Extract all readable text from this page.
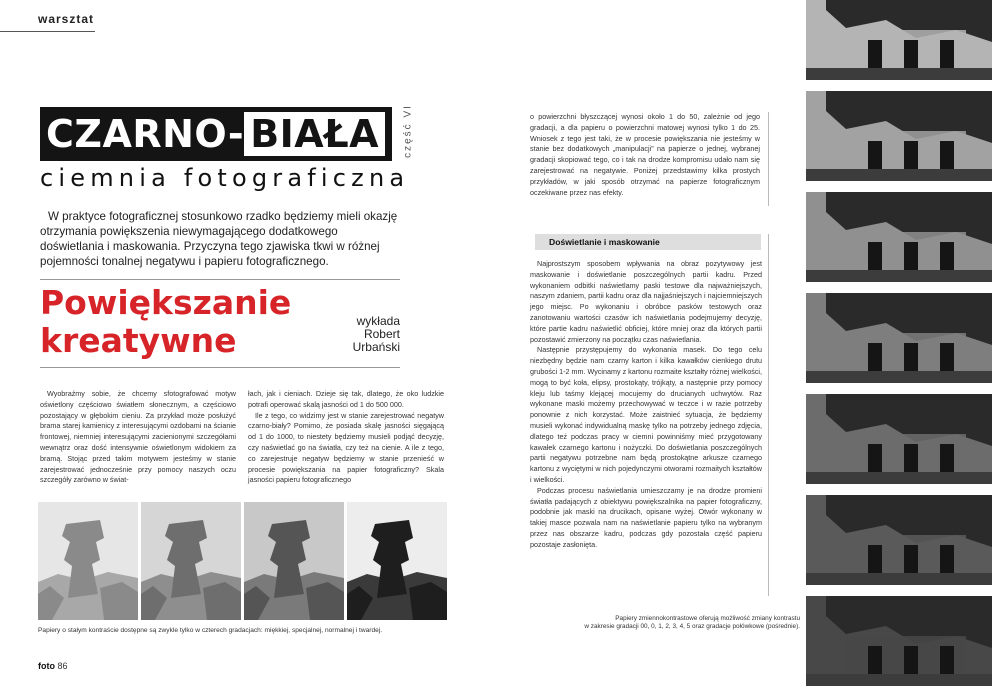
warsztat
CZARNO- BIAŁA	część VI
ciemnia fotograficzna
W praktyce fotograficznej stosunkowo rzadko będziemy mieli okazję otrzymania powiększenia niewymagającego dodatkowego doświetlania i maskowania. Przyczyna tego zjawiska tkwi w różnej pojemności tonalnej negatywu i papieru fotograficznego.
Powiększanie kreatywne	wykłada
Robert
Urbański

Wyobraźmy sobie, że chcemy sfotografować motyw oświetlony częściowo światłem słonecznym, a częściowo pozostający w głębokim cieniu. Za przykład może posłużyć brama starej kamienicy z interesującymi ozdobami na ścianie frontowej, niemniej interesującymi zacienionymi szczegółami wewnątrz oraz dość intensywnie oświetlonym widokiem za bramą. Stojąc przed takim motywem jesteśmy w stanie zarejestrować jednocześnie przy pomocy naszych oczu szczegóły zarówno w świat-

łach, jak i cieniach. Dzieje się tak, dlatego, że oko ludzkie potrafi operować skalą jasności od 1 do 500 000.

Ile z tego, co widzimy jest w stanie zarejestrować negatyw czarno-biały? Pomimo, że posiada skalę jasności sięgającą od 1 do 1000, to niestety będziemy musieli podjąć decyzję, czy naświetlać go na światła, czy też na cienie. A ile z tego, co zarejestruje negatyw będziemy w stanie przenieść w procesie powiększania na papier fotograficzny? Skala jasności papieru fotograficznego

Papiery o stałym kontraście dostępne są zwykle tylko w czterech gradacjach: miękkiej, specjalnej, normalnej i twardej.
foto 86

o powierzchni błyszczącej wynosi około 1 do 50, zależnie od jego gradacji, a dla papieru o powierzchni matowej wynosi tylko 1 do 25. Wniosek z tego jest taki, że w procesie powiększania nie jesteśmy w stanie bez dodatkowych „manipulacji” na papierze o jednej, wybranej gradacji skopiować tego, co i tak na drodze kompromisu udało nam się zarejestrować na negatywie. Poniżej przedstawimy kilka prostych przykładów, w jaki sposób otrzymać na papierze fotograficznym oczekiwane przez nas efekty.

Doświetlanie i maskowanie

Najprostszym sposobem wpływania na obraz pozytywowy jest maskowanie i doświetlanie poszczególnych partii kadru. Przed wykonaniem odbitki naświetlamy paski testowe dla najważniejszych, naszym zdaniem, partii kadru oraz dla najjaśniejszych i najciemniejszych jego miejsc. Po wykonaniu i obróbce pasków testowych oraz zanotowaniu wartości czasów ich naświetlania podejmujemy decyzję, które partie kadru naświetlić obficiej, które mniej oraz dla których partii pozostawić zmierzony na początku czas naświetlania.

Następnie przystępujemy do wykonania masek. Do tego celu niezbędny będzie nam czarny karton i kilka kawałków cienkiego drutu grubości 1-2 mm. Wycinamy z kartonu rozmaite kształty różnej wielkości, mogą to być koła, elipsy, prostokąty, trójkąty, a następnie przy pomocy kleju lub taśmy klejącej mocujemy do drucianych uchwytów. Raz wykonane maski możemy przechowywać w teczce i w razie potrzeby ponownie z nich korzystać. Może zaistnieć sytuacja, że będziemy musieli wykonać indywidualną maskę tylko na potrzeby jednego zdjęcia, dlatego też podczas pracy w ciemni powinniśmy mieć przygotowany kawałek czarnego kartonu i nożyczki. Do doświetlania poszczególnych partii negatywu potrzebne nam będą prostokątne arkusze czarnego kartonu z wyciętymi w nich pojedynczymi otworami rozmaitych kształtów i wielkości.

Podczas procesu naświetlania umieszczamy je na drodze promieni światła padających z obiektywu powiększalnika na papier fotograficzny, podobnie jak maski na drucikach, opisane wyżej. Otwór wykonany w takiej masce pozwala nam na naświetlanie papieru tylko na wybranym przez nas obszarze kadru, podczas gdy pozostała część papieru pozostaje zasłonięta.

Papiery zmiennokontrastowe oferują możliwość zmiany kontrastu
w zakresie gradacji 00, 0, 1, 2, 3, 4, 5 oraz gradacje połówkowe (pośrednie).
